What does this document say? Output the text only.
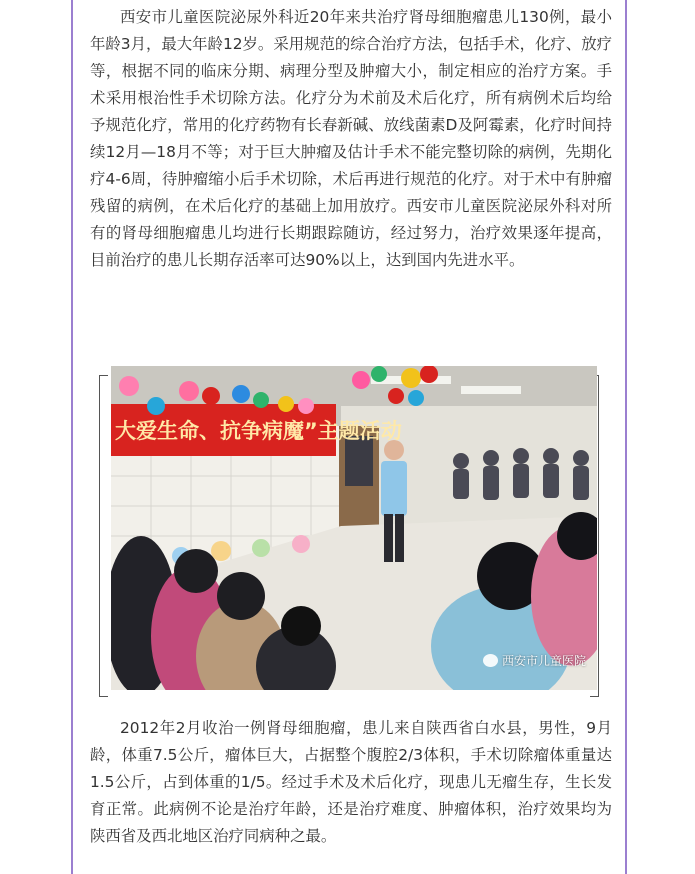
西安市儿童医院泌尿外科近20年来共治疗肾母细胞瘤患儿130例，最小年龄3月，最大年龄12岁。采用规范的综合治疗方法，包括手术，化疗、放疗等，根据不同的临床分期、病理分型及肿瘤大小，制定相应的治疗方案。手术采用根治性手术切除方法。化疗分为术前及术后化疗，所有病例术后均给予规范化疗，常用的化疗药物有长春新碱、放线菌素D及阿霉素，化疗时间持续12月—18月不等；对于巨大肿瘤及估计手术不能完整切除的病例，先期化疗4-6周，待肿瘤缩小后手术切除，术后再进行规范的化疗。对于术中有肿瘤残留的病例，在术后化疗的基础上加用放疗。西安市儿童医院泌尿外科对所有的肾母细胞瘤患儿均进行长期跟踪随访，经过努力，治疗效果逐年提高，目前治疗的患儿长期存活率可达90%以上，达到国内先进水平。

大爱生命、抗争病魔”主题活动
西安市儿童医院

2012年2月收治一例肾母细胞瘤，患儿来自陕西省白水县，男性，9月龄，体重7.5公斤，瘤体巨大，占据整个腹腔2/3体积，手术切除瘤体重量达1.5公斤，占到体重的1/5。经过手术及术后化疗，现患儿无瘤生存，生长发育正常。此病例不论是治疗年龄，还是治疗难度、肿瘤体积，治疗效果均为陕西省及西北地区治疗同病种之最。
